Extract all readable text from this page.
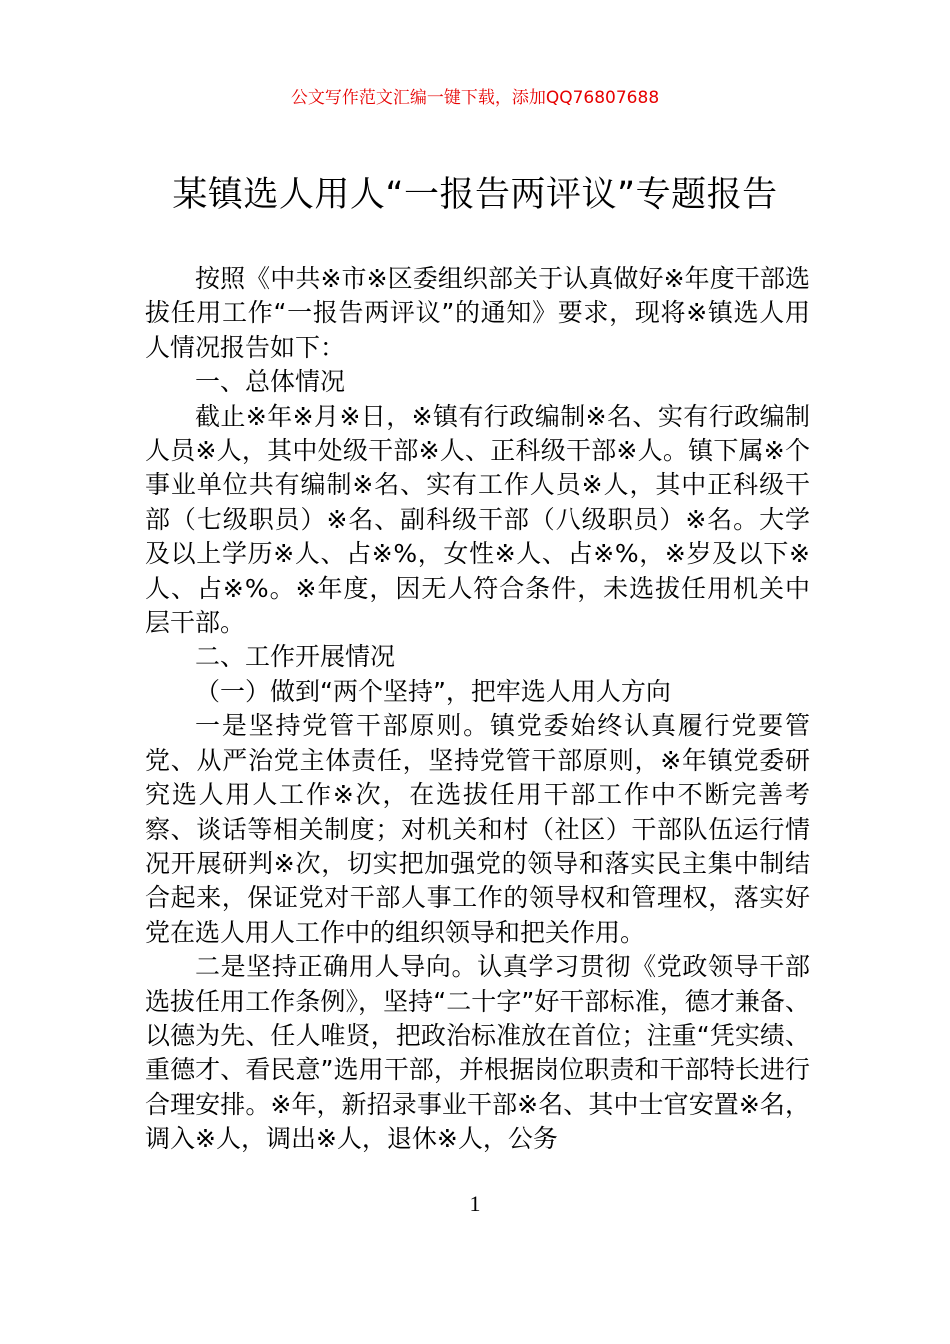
公文写作范文汇编一键下载，添加QQ76807688
某镇选人用人“一报告两评议”专题报告

按照《中共※市※区委组织部关于认真做好※年度干部选拔任用工作“一报告两评议”的通知》要求，现将※镇选人用人情况报告如下：

一、总体情况

截止※年※月※日，※镇有行政编制※名、实有行政编制人员※人，其中处级干部※人、正科级干部※人。镇下属※个事业单位共有编制※名、实有工作人员※人，其中正科级干部（七级职员）※名、副科级干部（八级职员）※名。大学及以上学历※人、占※%，女性※人、占※%，※岁及以下※人、占※%。※年度，因无人符合条件，未选拔任用机关中层干部。

二、工作开展情况

（一）做到“两个坚持”，把牢选人用人方向

一是坚持党管干部原则。镇党委始终认真履行党要管党、从严治党主体责任，坚持党管干部原则，※年镇党委研究选人用人工作※次，在选拔任用干部工作中不断完善考察、谈话等相关制度；对机关和村（社区）干部队伍运行情况开展研判※次，切实把加强党的领导和落实民主集中制结合起来，保证党对干部人事工作的领导权和管理权，落实好党在选人用人工作中的组织领导和把关作用。

二是坚持正确用人导向。认真学习贯彻《党政领导干部选拔任用工作条例》，坚持“二十字”好干部标准，德才兼备、以德为先、任人唯贤，把政治标准放在首位；注重“凭实绩、重德才、看民意”选用干部，并根据岗位职责和干部特长进行合理安排。※年，新招录事业干部※名、其中士官安置※名，调入※人，调出※人，退休※人，公务

1
